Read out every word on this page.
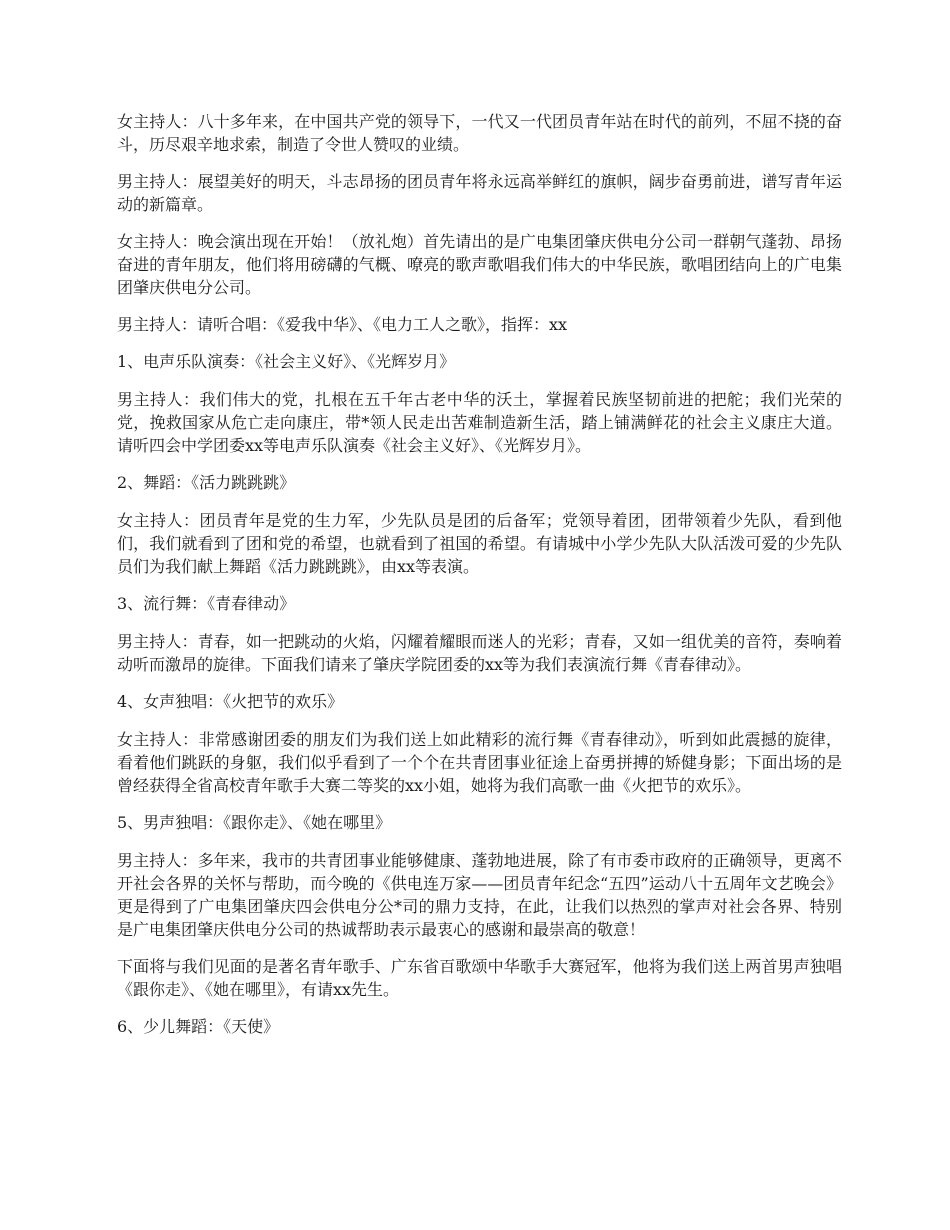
女主持人：八十多年来，在中国共产党的领导下，一代又一代团员青年站在时代的前列，不屈不挠的奋斗，历尽艰辛地求索，制造了令世人赞叹的业绩。

男主持人：展望美好的明天，斗志昂扬的团员青年将永远高举鲜红的旗帜，阔步奋勇前进，谱写青年运动的新篇章。

女主持人：晚会演出现在开始！（放礼炮）首先请出的是广电集团肇庆供电分公司一群朝气蓬勃、昂扬奋进的青年朋友，他们将用磅礴的气概、嘹亮的歌声歌唱我们伟大的中华民族，歌唱团结向上的广电集团肇庆供电分公司。

男主持人：请听合唱：《爱我中华》、《电力工人之歌》，指挥：xx

1、电声乐队演奏：《社会主义好》、《光辉岁月》

男主持人：我们伟大的党，扎根在五千年古老中华的沃土，掌握着民族坚韧前进的把舵；我们光荣的党，挽救国家从危亡走向康庄，带*领人民走出苦难制造新生活，踏上铺满鲜花的社会主义康庄大道。请听四会中学团委xx等电声乐队演奏《社会主义好》、《光辉岁月》。

2、舞蹈：《活力跳跳跳》

女主持人：团员青年是党的生力军，少先队员是团的后备军；党领导着团，团带领着少先队，看到他们，我们就看到了团和党的希望，也就看到了祖国的希望。有请城中小学少先队大队活泼可爱的少先队员们为我们献上舞蹈《活力跳跳跳》，由xx等表演。

3、流行舞：《青春律动》

男主持人：青春，如一把跳动的火焰，闪耀着耀眼而迷人的光彩；青春，又如一组优美的音符，奏响着动听而激昂的旋律。下面我们请来了肇庆学院团委的xx等为我们表演流行舞《青春律动》。

4、女声独唱：《火把节的欢乐》

女主持人：非常感谢团委的朋友们为我们送上如此精彩的流行舞《青春律动》，听到如此震撼的旋律，看着他们跳跃的身躯，我们似乎看到了一个个在共青团事业征途上奋勇拼搏的矫健身影；下面出场的是曾经获得全省高校青年歌手大赛二等奖的xx小姐，她将为我们高歌一曲《火把节的欢乐》。

5、男声独唱：《跟你走》、《她在哪里》

男主持人：多年来，我市的共青团事业能够健康、蓬勃地进展，除了有市委市政府的正确领导，更离不开社会各界的关怀与帮助，而今晚的《供电连万家——团员青年纪念“五四”运动八十五周年文艺晚会》更是得到了广电集团肇庆四会供电分公*司的鼎力支持，在此，让我们以热烈的掌声对社会各界、特别是广电集团肇庆供电分公司的热诚帮助表示最衷心的感谢和最崇高的敬意！

下面将与我们见面的是著名青年歌手、广东省百歌颂中华歌手大赛冠军，他将为我们送上两首男声独唱《跟你走》、《她在哪里》，有请xx先生。

6、少儿舞蹈：《天使》
